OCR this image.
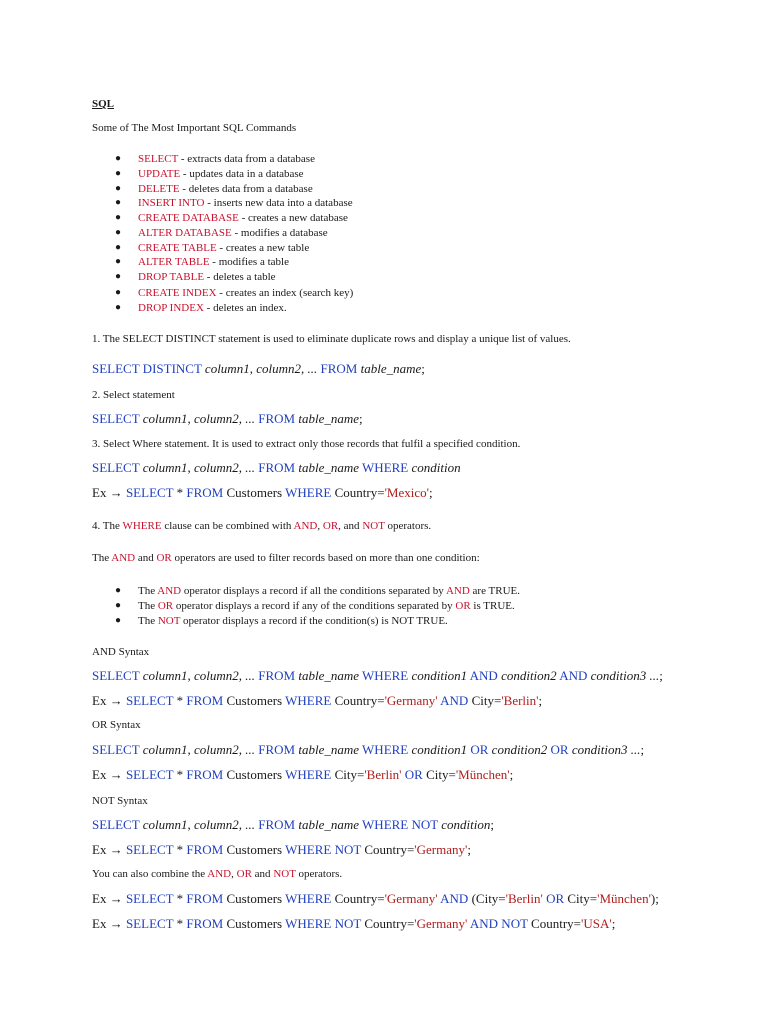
SQL
Some of The Most Important SQL Commands
● SELECT - extracts data from a database
● UPDATE - updates data in a database
● DELETE - deletes data from a database
● INSERT INTO - inserts new data into a database
● CREATE DATABASE - creates a new database
● ALTER DATABASE - modifies a database
● CREATE TABLE - creates a new table
● ALTER TABLE - modifies a table
● DROP TABLE - deletes a table
● CREATE INDEX - creates an index (search key)
● DROP INDEX - deletes an index.
1. The SELECT DISTINCT statement is used to eliminate duplicate rows and display a unique list of values.
SELECT DISTINCT column1, column2, ... FROM table_name;
2. Select statement
SELECT column1, column2, ... FROM table_name;
3. Select Where statement. It is used to extract only those records that fulfil a specified condition.
SELECT column1, column2, ... FROM table_name WHERE condition
Ex → SELECT * FROM Customers WHERE Country='Mexico';
4. The WHERE clause can be combined with AND, OR, and NOT operators.
The AND and OR operators are used to filter records based on more than one condition:
● The AND operator displays a record if all the conditions separated by AND are TRUE.
● The OR operator displays a record if any of the conditions separated by OR is TRUE.
● The NOT operator displays a record if the condition(s) is NOT TRUE.
AND Syntax
SELECT column1, column2, ... FROM table_name WHERE condition1 AND condition2 AND condition3 ...;
Ex → SELECT * FROM Customers WHERE Country='Germany' AND City='Berlin';
OR Syntax
SELECT column1, column2, ... FROM table_name WHERE condition1 OR condition2 OR condition3 ...;
Ex → SELECT * FROM Customers WHERE City='Berlin' OR City='München';
NOT Syntax
SELECT column1, column2, ... FROM table_name WHERE NOT condition;
Ex → SELECT * FROM Customers WHERE NOT Country='Germany';
You can also combine the AND, OR and NOT operators.
Ex → SELECT * FROM Customers WHERE Country='Germany' AND (City='Berlin' OR City='München');
Ex → SELECT * FROM Customers WHERE NOT Country='Germany' AND NOT Country='USA';
